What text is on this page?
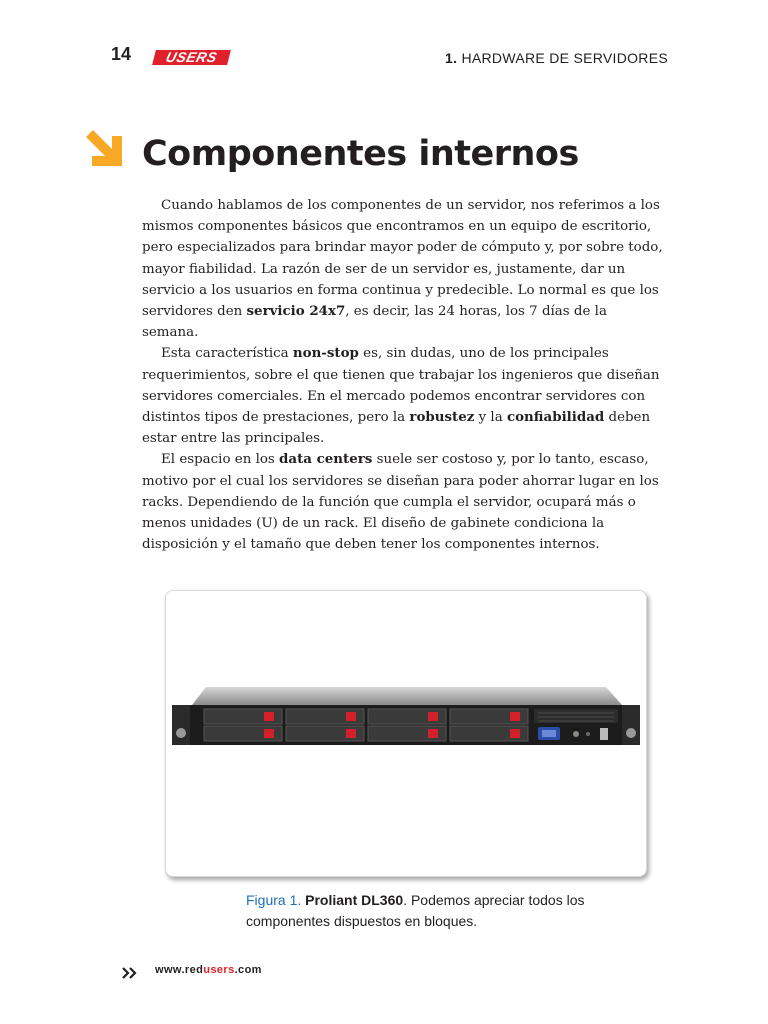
14	USERS	1. HARDWARE DE SERVIDORES
Componentes internos

Cuando hablamos de los componentes de un servidor, nos referimos a los mismos componentes básicos que encontramos en un equipo de escritorio, pero especializados para brindar mayor poder de cómputo y, por sobre todo, mayor fiabilidad. La razón de ser de un servidor es, justamente, dar un servicio a los usuarios en forma continua y predecible. Lo normal es que los servidores den servicio 24x7, es decir, las 24 horas, los 7 días de la semana.

Esta característica non-stop es, sin dudas, uno de los principales requerimientos, sobre el que tienen que trabajar los ingenieros que diseñan servidores comerciales. En el mercado podemos encontrar servidores con distintos tipos de prestaciones, pero la robustez y la confiabilidad deben estar entre las principales.

El espacio en los data centers suele ser costoso y, por lo tanto, escaso, motivo por el cual los servidores se diseñan para poder ahorrar lugar en los racks. Dependiendo de la función que cumpla el servidor, ocupará más o menos unidades (U) de un rack. El diseño de gabinete condiciona la disposición y el tamaño que deben tener los componentes internos.

Figura 1. Proliant DL360. Podemos apreciar todos los componentes dispuestos en bloques.
www.redusers.com
